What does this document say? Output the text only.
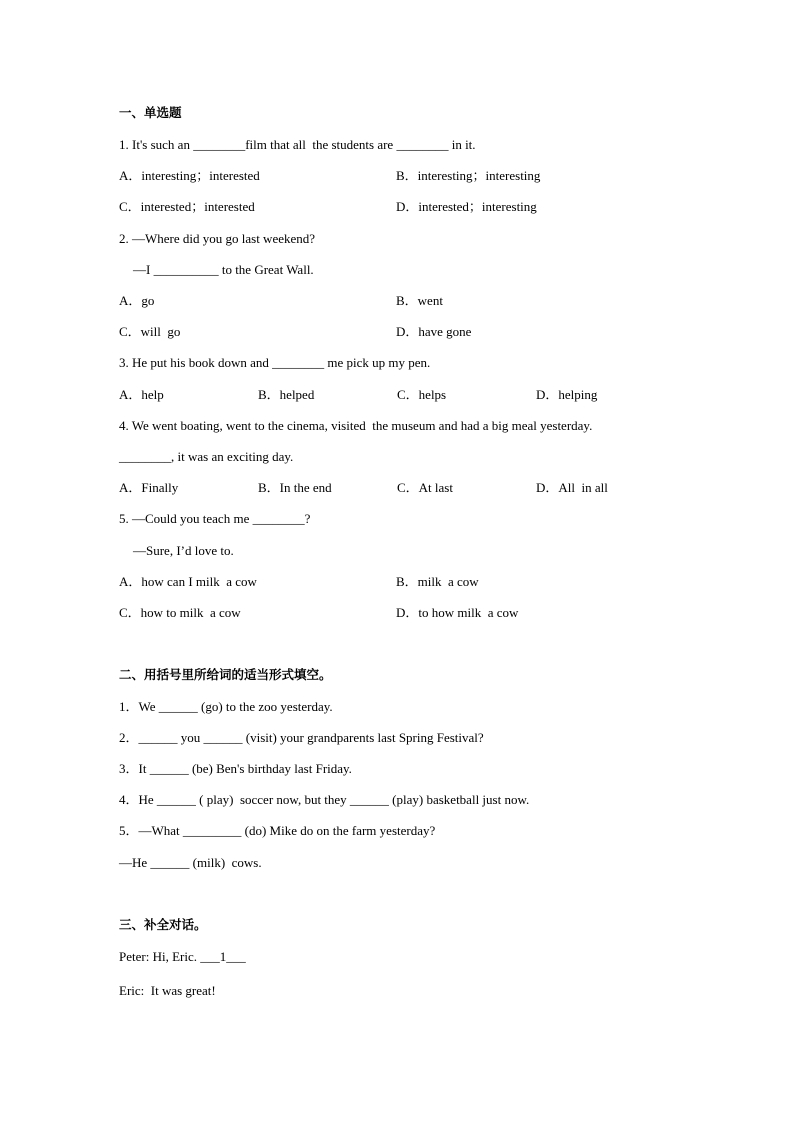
一、单选题
1. It's such an ________film that all  the students are ________ in it.
A．interesting；interested	B．interesting；interesting
C．interested；interested	D．interested；interesting
2. —Where did you go last weekend?
—I __________ to the Great Wall.
A．go	B．went
C．will  go	D．have gone
3. He put his book down and ________ me pick up my pen.
A．help	B．helped	C．helps	D．helping
4. We went boating, went to the cinema, visited  the museum and had a big meal yesterday.
________, it was an exciting day.
A．Finally	B．In the end	C．At last	D．All  in all
5. —Could you teach me ________?
—Sure, I’d love to.
A．how can I milk  a cow	B．milk  a cow
C．how to milk  a cow	D．to how milk  a cow
二、用括号里所给词的适当形式填空。
1．We ______ (go) to the zoo yesterday.
2．______ you ______ (visit) your grandparents last Spring Festival?
3．It ______ (be) Ben's birthday last Friday.
4．He ______ ( play)  soccer now, but they ______ (play) basketball just now.
5．—What _________ (do) Mike do on the farm yesterday?
—He ______ (milk)  cows.
三、补全对话。
Peter: Hi, Eric. ___1___
Eric:  It was great!
